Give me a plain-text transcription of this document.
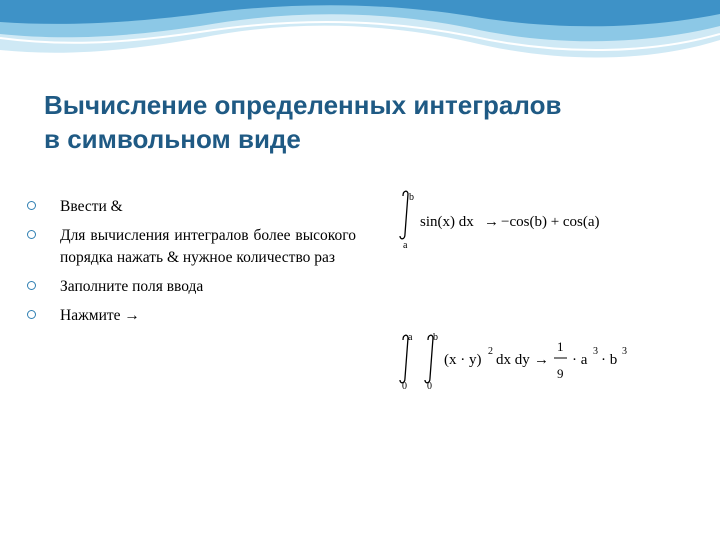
Вычисление определенных интегралов
в символьном виде
Ввести &
Для вычисления интегралов более высокого порядка нажать & нужное количество раз
Заполните поля ввода
Нажмите →
b
a
sin(x) dx → −cos(b) + cos(a)
a
0
b
0
(x · y)
2
dx dy →
1
9
· a
3
· b
3
